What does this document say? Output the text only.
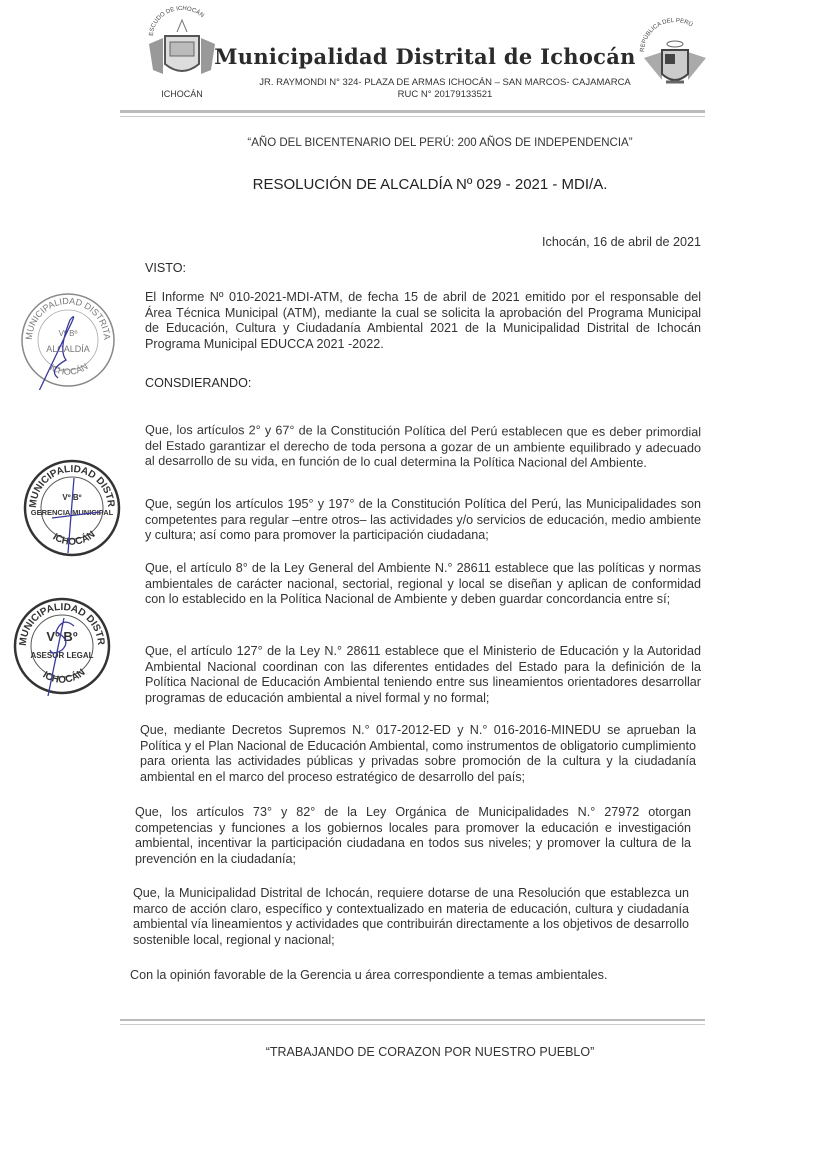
ESCUDO DE ICHOCÁN
ICHOCÁN
REPÚBLICA DEL PERÚ
Municipalidad Distrital de Ichocán
JR. RAYMONDI N° 324- PLAZA DE ARMAS ICHOCÁN – SAN MARCOS- CAJAMARCA
RUC N° 20179133521
“AÑO DEL BICENTENARIO DEL PERÚ: 200 AÑOS DE INDEPENDENCIA”
RESOLUCIÓN DE ALCALDÍA Nº 029 - 2021 - MDI/A.
Ichocán, 16 de abril de 2021
VISTO:
El Informe Nº 010-2021-MDI-ATM, de fecha 15 de abril de 2021 emitido por el responsable del Área Técnica Municipal (ATM), mediante la cual se solicita la aprobación del Programa Municipal de Educación, Cultura y Ciudadanía Ambiental 2021 de la Municipalidad Distrital de Ichocán Programa Municipal EDUCCA 2021 -2022.
CONSDIERANDO:
Que, los artículos 2° y 67° de la Constitución Política del Perú establecen que es deber primordial del Estado garantizar el derecho de toda persona a gozar de un ambiente equilibrado y adecuado al desarrollo de su vida, en función de lo cual determina la Política Nacional del Ambiente.
Que, según los artículos 195° y 197° de la Constitución Política del Perú, las Municipalidades son competentes para regular –entre otros– las actividades y/o servicios de educación, medio ambiente y cultura; así como para promover la participación ciudadana;
Que, el artículo 8° de la Ley General del Ambiente N.° 28611 establece que las políticas y normas ambientales de carácter nacional, sectorial, regional y local se diseñan y aplican de conformidad con lo establecido en la Política Nacional de Ambiente y deben guardar concordancia entre sí;
Que, el artículo 127° de la Ley N.° 28611 establece que el Ministerio de Educación y la Autoridad Ambiental Nacional coordinan con las diferentes entidades del Estado para la definición de la Política Nacional de Educación Ambiental teniendo entre sus lineamientos orientadores desarrollar programas de educación ambiental a nivel formal y no formal;
Que, mediante Decretos Supremos N.° 017-2012-ED y N.° 016-2016-MINEDU se aprueban la Política y el Plan Nacional de Educación Ambiental, como instrumentos de obligatorio cumplimiento para orienta las actividades públicas y privadas sobre promoción de la cultura y la ciudadanía ambiental en el marco del proceso estratégico de desarrollo del país;
Que, los artículos 73° y 82° de la Ley Orgánica de Municipalidades N.° 27972 otorgan competencias y funciones a los gobiernos locales para promover la educación e investigación ambiental, incentivar la participación ciudadana en todos sus niveles; y promover la cultura de la prevención en la ciudadanía;
Que, la Municipalidad Distrital de Ichocán, requiere dotarse de una Resolución que establezca un marco de acción claro, específico y contextualizado en materia de educación, cultura y ciudadanía ambiental vía lineamientos y actividades que contribuirán directamente a los objetivos de desarrollo sostenible local, regional y nacional;
Con la opinión favorable de la Gerencia u área correspondiente a temas ambientales.
MUNICIPALIDAD DISTRITA
Vº Bº
ALCALDÍA
ICHOCÁN
MUNICIPALIDAD DISTR
Vº Bº
GERENCIA MUNICIPAL
ICHOCÁN
MUNICIPALIDAD DISTR
Vº Bº
ASESOR LEGAL
ICHOCÁN
“TRABAJANDO DE CORAZON POR NUESTRO PUEBLO”
